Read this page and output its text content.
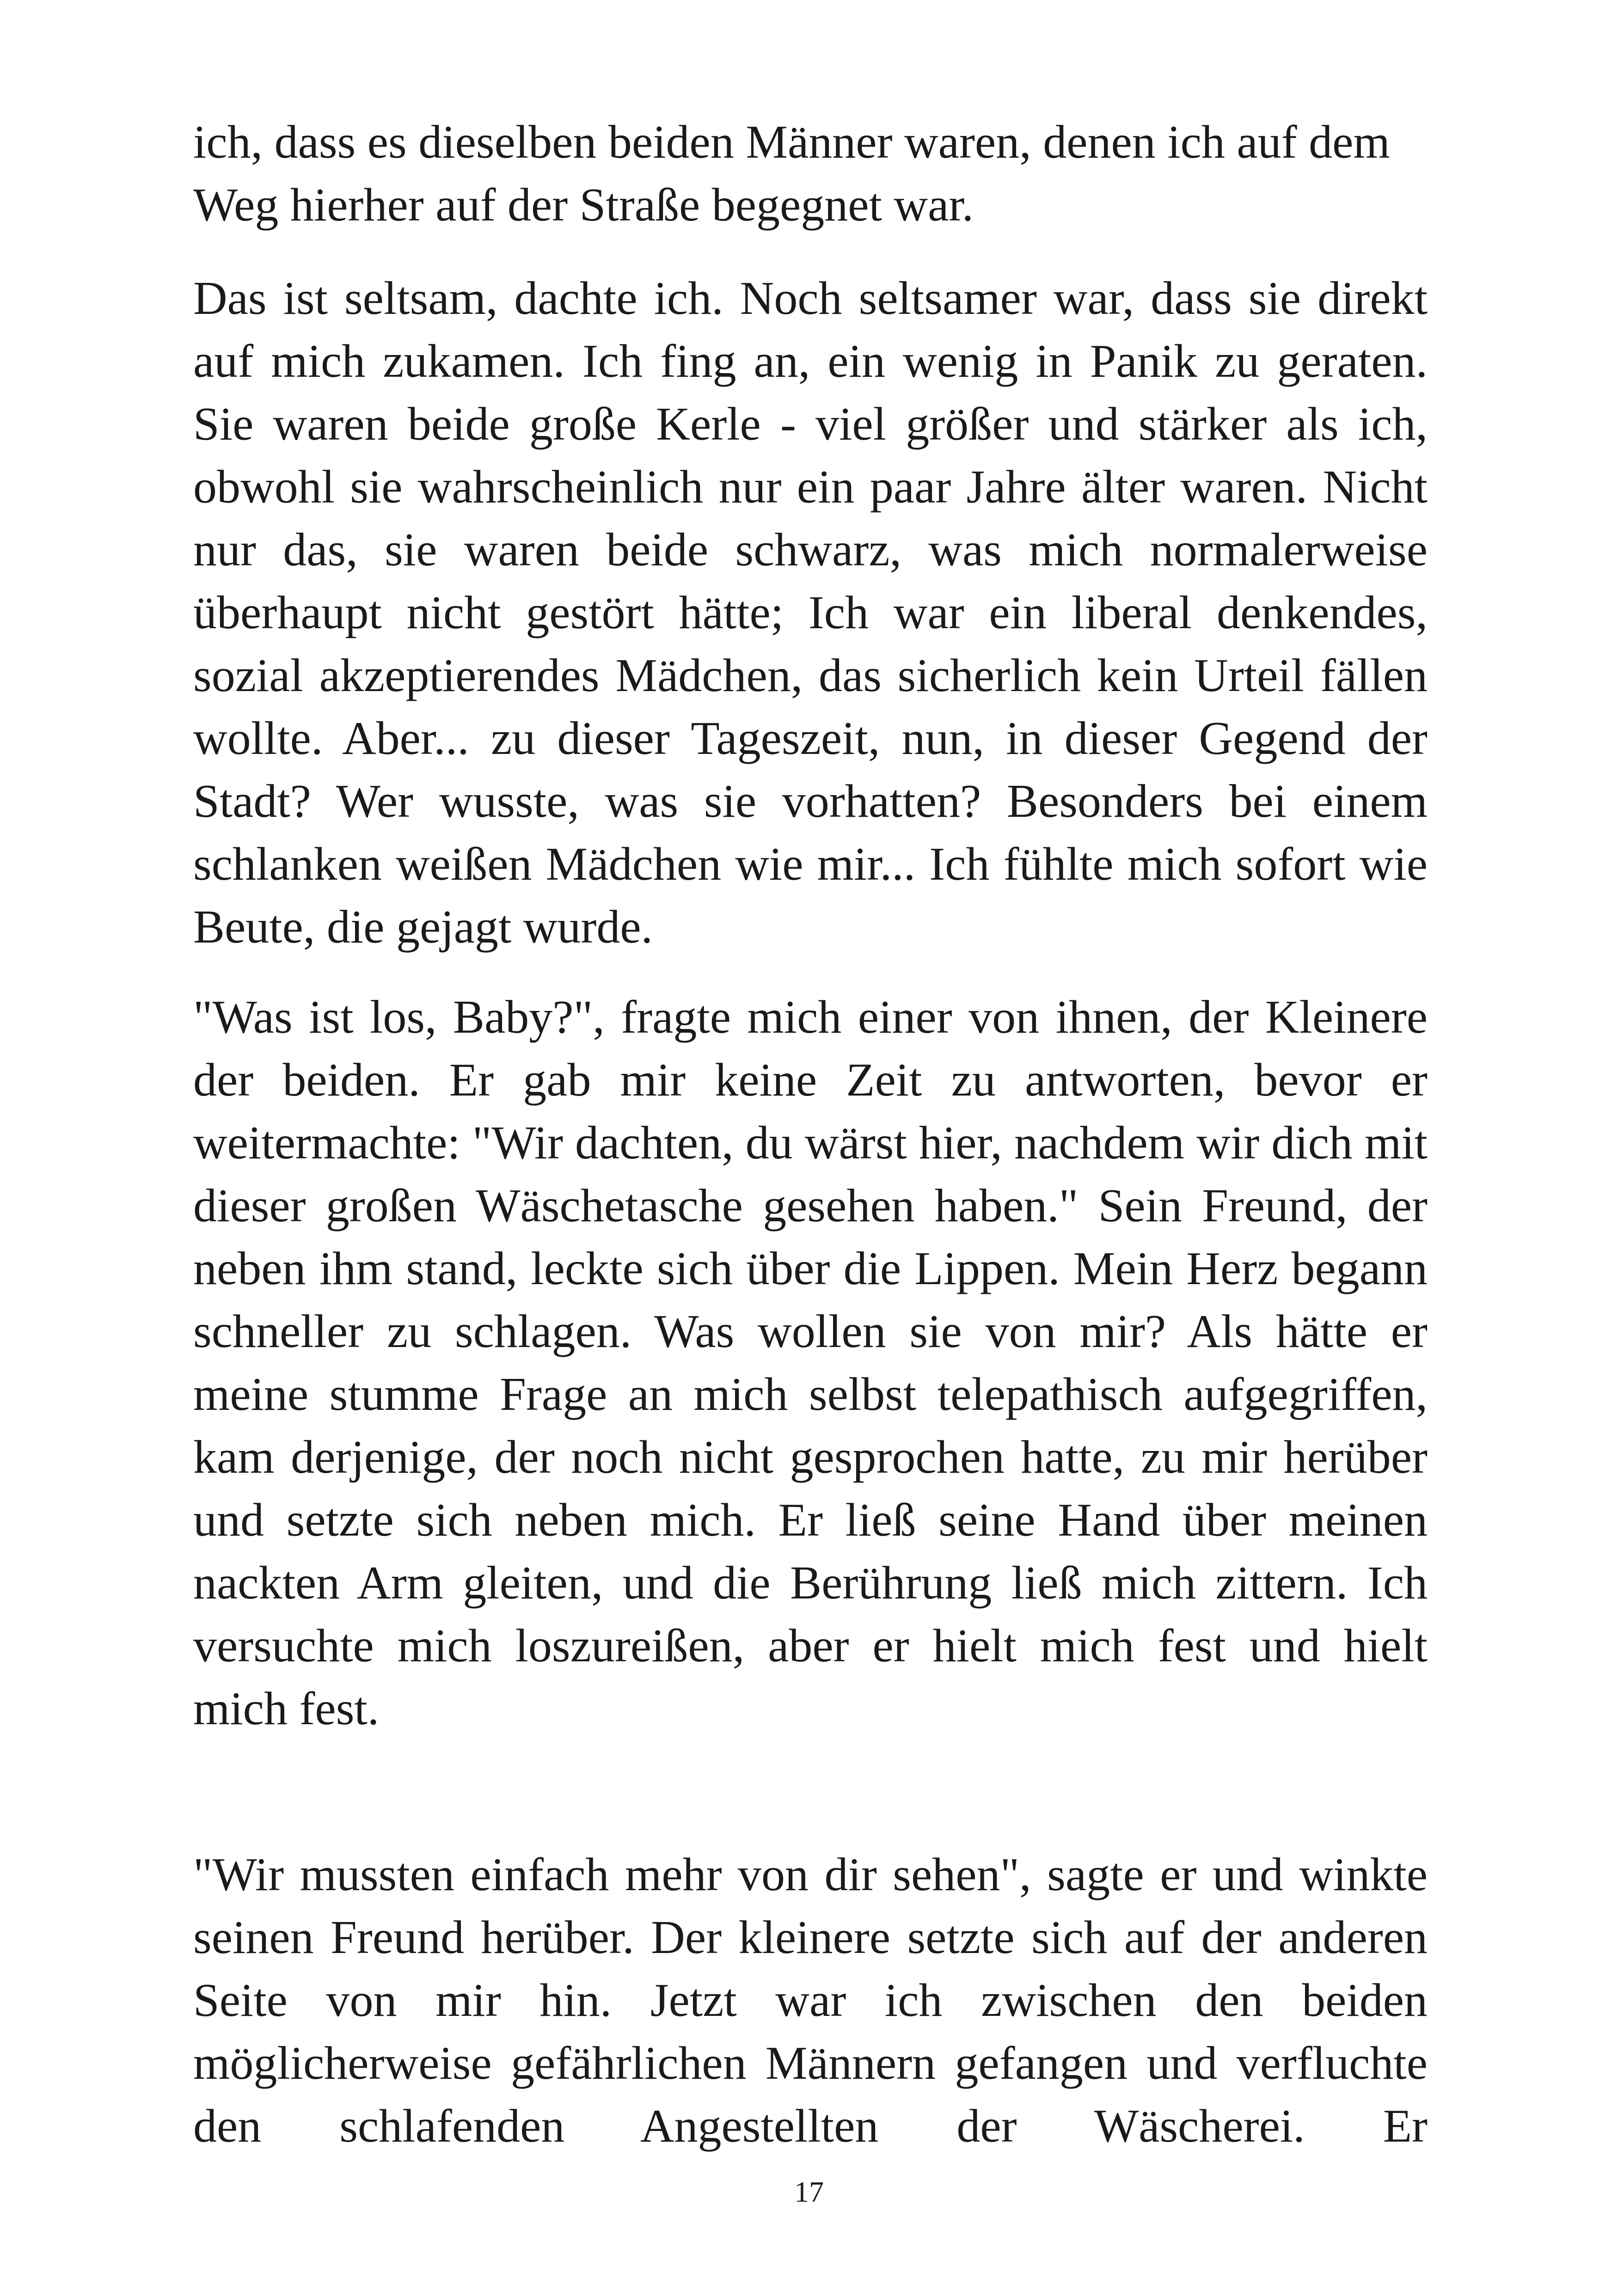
ich, dass es dieselben beiden Männer waren, denen ich auf dem Weg hierher auf der Straße begegnet war.

Das ist seltsam, dachte ich. Noch seltsamer war, dass sie direkt auf mich zukamen. Ich fing an, ein wenig in Panik zu geraten. Sie waren beide große Kerle - viel größer und stärker als ich, obwohl sie wahrscheinlich nur ein paar Jahre älter waren. Nicht nur das, sie waren beide schwarz, was mich normalerweise überhaupt nicht gestört hätte; Ich war ein liberal denkendes, sozial akzeptierendes Mädchen, das sicherlich kein Urteil fällen wollte. Aber... zu dieser Tageszeit, nun, in dieser Gegend der Stadt? Wer wusste, was sie vorhatten? Besonders bei einem schlanken weißen Mädchen wie mir... Ich fühlte mich sofort wie Beute, die gejagt wurde.

"Was ist los, Baby?", fragte mich einer von ihnen, der Kleinere der beiden. Er gab mir keine Zeit zu antworten, bevor er weitermachte: "Wir dachten, du wärst hier, nachdem wir dich mit dieser großen Wäschetasche gesehen haben." Sein Freund, der neben ihm stand, leckte sich über die Lippen. Mein Herz begann schneller zu schlagen. Was wollen sie von mir? Als hätte er meine stumme Frage an mich selbst telepathisch aufgegriffen, kam derjenige, der noch nicht gesprochen hatte, zu mir herüber und setzte sich neben mich. Er ließ seine Hand über meinen nackten Arm gleiten, und die Berührung ließ mich zittern. Ich versuchte mich loszureißen, aber er hielt mich fest und hielt mich fest.

"Wir mussten einfach mehr von dir sehen", sagte er und winkte seinen Freund herüber. Der kleinere setzte sich auf der anderen Seite von mir hin. Jetzt war ich zwischen den beiden möglicherweise gefährlichen Männern gefangen und verfluchte den schlafenden Angestellten der Wäscherei. Er

17
